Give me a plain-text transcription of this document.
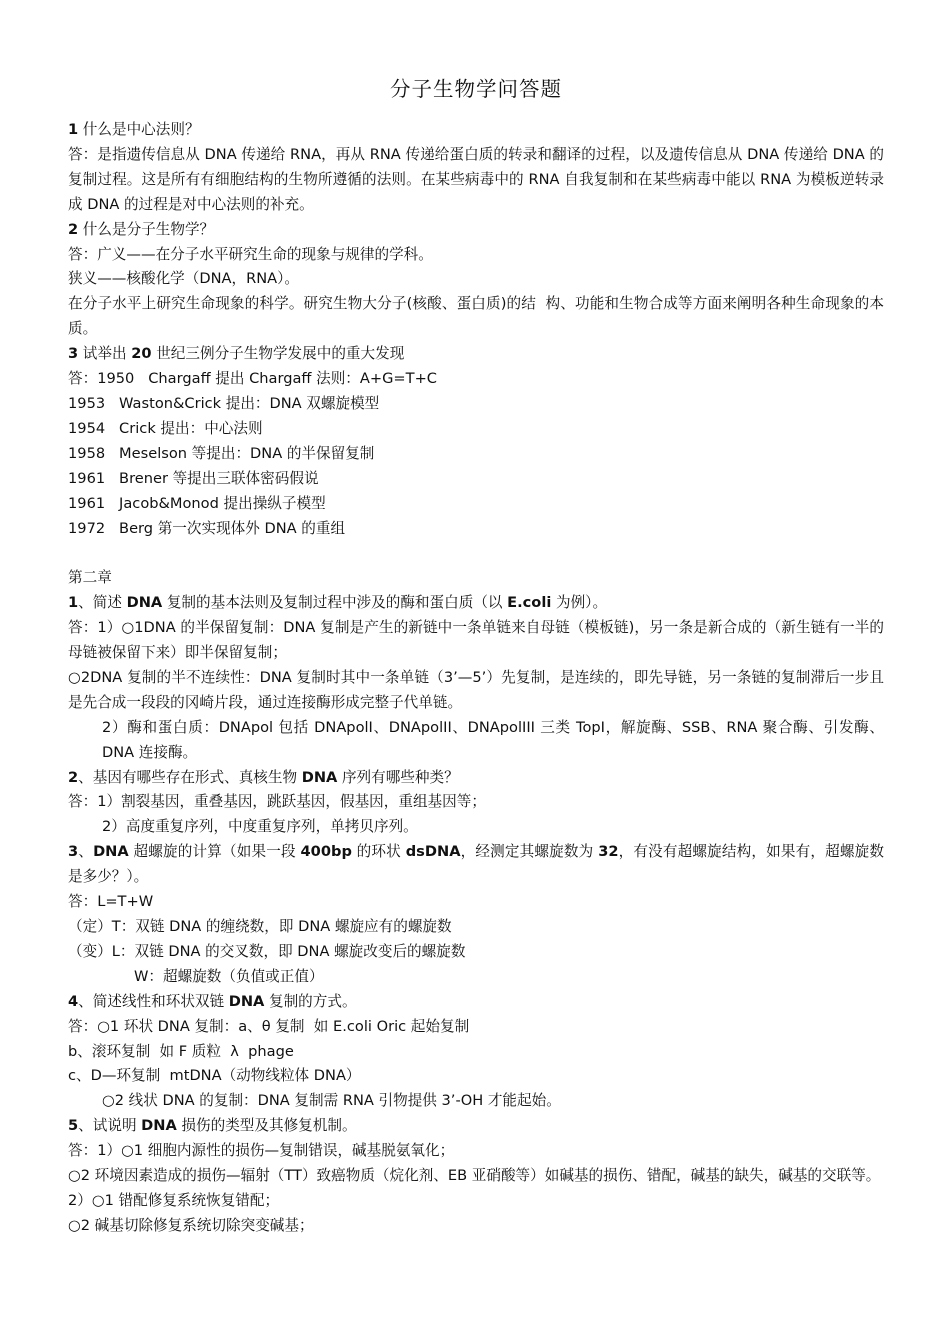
分子生物学问答题

1 什么是中心法则？

答：是指遗传信息从 DNA 传递给 RNA，再从 RNA 传递给蛋白质的转录和翻译的过程，以及遗传信息从 DNA 传递给 DNA 的复制过程。这是所有有细胞结构的生物所遵循的法则。在某些病毒中的 RNA 自我复制和在某些病毒中能以 RNA 为模板逆转录成 DNA 的过程是对中心法则的补充。

2 什么是分子生物学？

答：广义——在分子水平研究生命的现象与规律的学科。

狭义——核酸化学（DNA，RNA）。

在分子水平上研究生命现象的科学。研究生物大分子(核酸、蛋白质)的结  构、功能和生物合成等方面来阐明各种生命现象的本质。

3 试举出 20 世纪三例分子生物学发展中的重大发现

答：1950   Chargaff 提出 Chargaff 法则：A+G=T+C

1953   Waston&Crick 提出：DNA 双螺旋模型

1954   Crick 提出：中心法则

1958   Meselson 等提出：DNA 的半保留复制

1961   Brener 等提出三联体密码假说

1961   Jacob&Monod 提出操纵子模型

1972   Berg 第一次实现体外 DNA 的重组

第二章

1、简述 DNA 复制的基本法则及复制过程中涉及的酶和蛋白质（以 E.coli 为例）。

答：1）○1DNA 的半保留复制：DNA 复制是产生的新链中一条单链来自母链（模板链)，另一条是新合成的（新生链有一半的母链被保留下来）即半保留复制；

○2DNA 复制的半不连续性：DNA 复制时其中一条单链（3’—5’）先复制，是连续的，即先导链，另一条链的复制滞后一步且是先合成一段段的冈崎片段，通过连接酶形成完整子代单链。

2）酶和蛋白质：DNApol 包括 DNApolI、DNApolII、DNApolIII 三类 TopI，解旋酶、SSB、RNA 聚合酶、引发酶、DNA 连接酶。

2、基因有哪些存在形式、真核生物 DNA 序列有哪些种类？

答：1）割裂基因，重叠基因，跳跃基因，假基因，重组基因等；

2）高度重复序列，中度重复序列，单拷贝序列。

3、DNA 超螺旋的计算（如果一段 400bp 的环状 dsDNA，经测定其螺旋数为 32，有没有超螺旋结构，如果有，超螺旋数是多少？）。

答：L=T+W

（定）T：双链 DNA 的缠绕数，即 DNA 螺旋应有的螺旋数

（变）L：双链 DNA 的交叉数，即 DNA 螺旋改变后的螺旋数

W：超螺旋数（负值或正值）

4、简述线性和环状双链 DNA 复制的方式。

答：○1 环状 DNA 复制：a、θ 复制  如 E.coli Oric 起始复制

b、滚环复制  如 F 质粒  λ  phage

c、D—环复制  mtDNA（动物线粒体 DNA）

○2 线状 DNA 的复制：DNA 复制需 RNA 引物提供 3’-OH 才能起始。

5、试说明 DNA 损伤的类型及其修复机制。

答：1）○1 细胞内源性的损伤—复制错误，碱基脱氨氧化；

○2 环境因素造成的损伤—辐射（TT）致癌物质（烷化剂、EB 亚硝酸等）如碱基的损伤、错配，碱基的缺失，碱基的交联等。

2）○1 错配修复系统恢复错配；

○2 碱基切除修复系统切除突变碱基；
